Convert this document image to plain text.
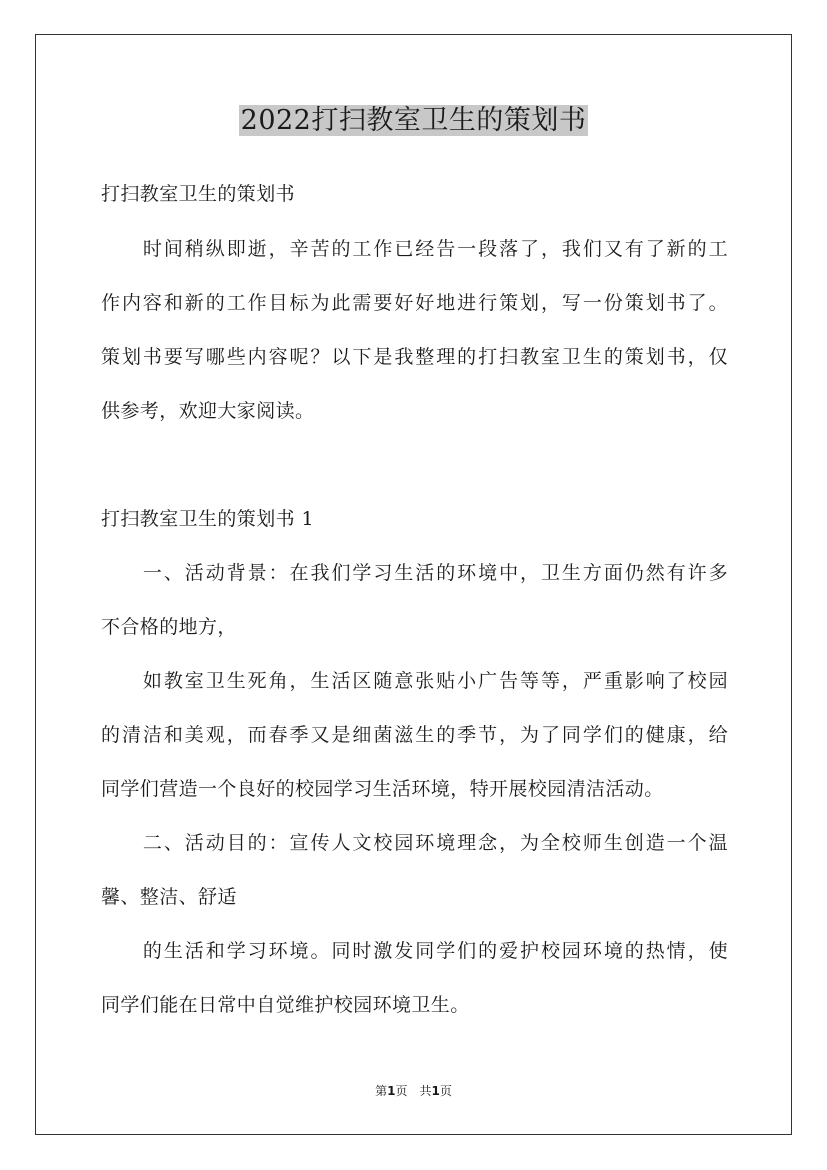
2022打扫教室卫生的策划书
打扫教室卫生的策划书
　　时间稍纵即逝，辛苦的工作已经告一段落了，我们又有了新的工
作内容和新的工作目标为此需要好好地进行策划，写一份策划书了。
策划书要写哪些内容呢？以下是我整理的打扫教室卫生的策划书，仅
供参考，欢迎大家阅读。
打扫教室卫生的策划书 1
　　一、活动背景：在我们学习生活的环境中，卫生方面仍然有许多
不合格的地方，
　　如教室卫生死角，生活区随意张贴小广告等等，严重影响了校园
的清洁和美观，而春季又是细菌滋生的季节，为了同学们的健康，给
同学们营造一个良好的校园学习生活环境，特开展校园清洁活动。
　　二、活动目的：宣传人文校园环境理念，为全校师生创造一个温
馨、整洁、舒适
　　的生活和学习环境。同时激发同学们的爱护校园环境的热情，使
同学们能在日常中自觉维护校园环境卫生。
第1页　共1页
